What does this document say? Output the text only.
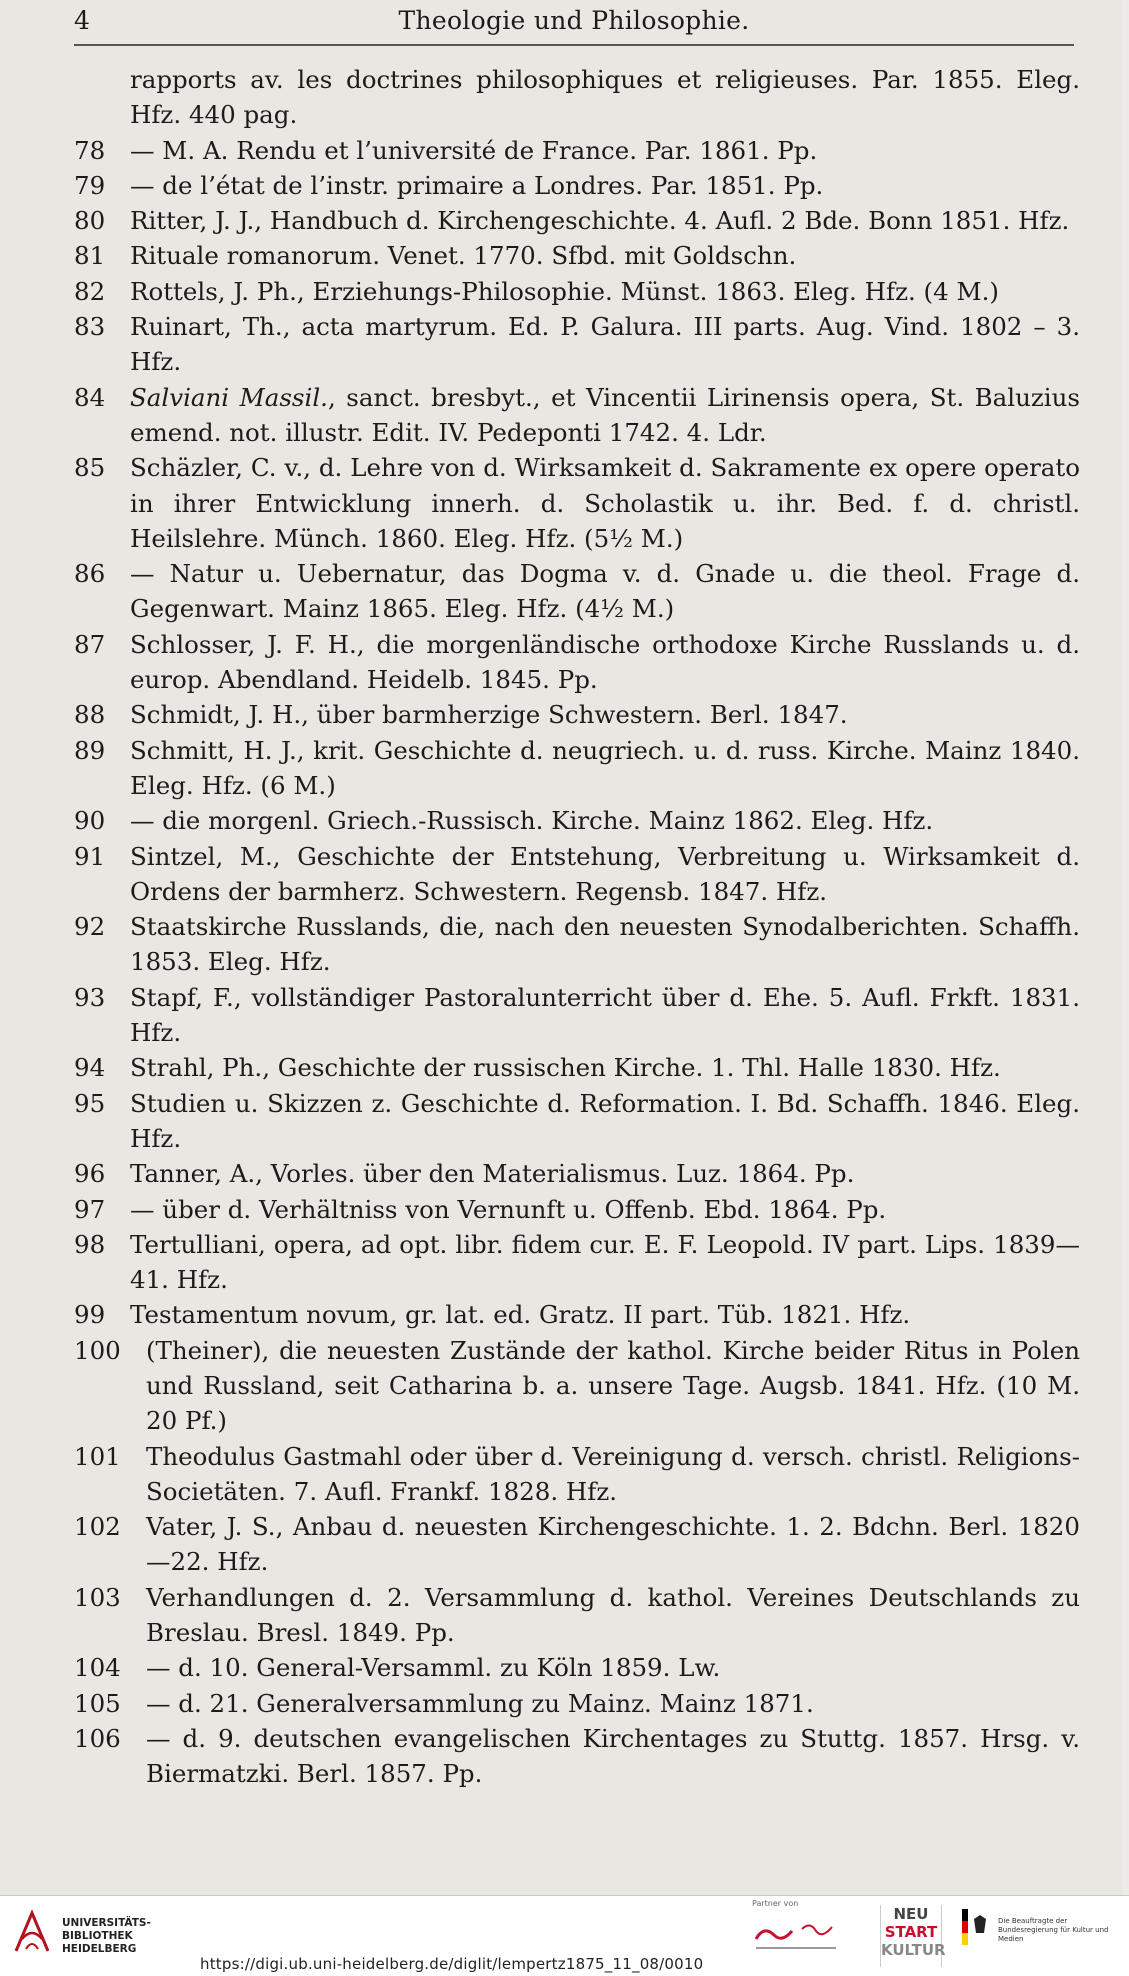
4	Theologie und Philosophie.
rapports av. les doctrines philosophiques et religieuses. Par. 1855. Eleg. Hfz. 440 pag.
78 — M. A. Rendu et l’université de France. Par. 1861. Pp.
79 — de l’état de l’instr. primaire a Londres. Par. 1851. Pp.
80 Ritter, J. J., Handbuch d. Kirchengeschichte. 4. Aufl. 2 Bde. Bonn 1851. Hfz.
81 Rituale romanorum. Venet. 1770. Sfbd. mit Goldschn.
82 Rottels, J. Ph., Erziehungs-Philosophie. Münst. 1863. Eleg. Hfz. (4 M.)
83 Ruinart, Th., acta martyrum. Ed. P. Galura. III parts. Aug. Vind. 1802 – 3. Hfz.
84 Salviani Massil., sanct. bresbyt., et Vincentii Lirinensis opera, St. Baluzius emend. not. illustr. Edit. IV. Pedeponti 1742. 4. Ldr.
85 Schäzler, C. v., d. Lehre von d. Wirksamkeit d. Sakramente ex opere operato in ihrer Entwicklung innerh. d. Scholastik u. ihr. Bed. f. d. christl. Heilslehre. Münch. 1860. Eleg. Hfz. (5½ M.)
86 — Natur u. Uebernatur, das Dogma v. d. Gnade u. die theol. Frage d. Gegenwart. Mainz 1865. Eleg. Hfz. (4½ M.)
87 Schlosser, J. F. H., die morgenländische orthodoxe Kirche Russlands u. d. europ. Abendland. Heidelb. 1845. Pp.
88 Schmidt, J. H., über barmherzige Schwestern. Berl. 1847.
89 Schmitt, H. J., krit. Geschichte d. neugriech. u. d. russ. Kirche. Mainz 1840. Eleg. Hfz. (6 M.)
90 — die morgenl. Griech.-Russisch. Kirche. Mainz 1862. Eleg. Hfz.
91 Sintzel, M., Geschichte der Entstehung, Verbreitung u. Wirksamkeit d. Ordens der barmherz. Schwestern. Regensb. 1847. Hfz.
92 Staatskirche Russlands, die, nach den neuesten Synodalberichten. Schaffh. 1853. Eleg. Hfz.
93 Stapf, F., vollständiger Pastoralunterricht über d. Ehe. 5. Aufl. Frkft. 1831. Hfz.
94 Strahl, Ph., Geschichte der russischen Kirche. 1. Thl. Halle 1830. Hfz.
95 Studien u. Skizzen z. Geschichte d. Reformation. I. Bd. Schaffh. 1846. Eleg. Hfz.
96 Tanner, A., Vorles. über den Materialismus. Luz. 1864. Pp.
97 — über d. Verhältniss von Vernunft u. Offenb. Ebd. 1864. Pp.
98 Tertulliani, opera, ad opt. libr. fidem cur. E. F. Leopold. IV part. Lips. 1839—41. Hfz.
99 Testamentum novum, gr. lat. ed. Gratz. II part. Tüb. 1821. Hfz.
100 (Theiner), die neuesten Zustände der kathol. Kirche beider Ritus in Polen und Russland, seit Catharina b. a. unsere Tage. Augsb. 1841. Hfz. (10 M. 20 Pf.)
101 Theodulus Gastmahl oder über d. Vereinigung d. versch. christl. Religions-Societäten. 7. Aufl. Frankf. 1828. Hfz.
102 Vater, J. S., Anbau d. neuesten Kirchengeschichte. 1. 2. Bdchn. Berl. 1820—22. Hfz.
103 Verhandlungen d. 2. Versammlung d. kathol. Vereines Deutschlands zu Breslau. Bresl. 1849. Pp.
104 — d. 10. General-Versamml. zu Köln 1859. Lw.
105 — d. 21. Generalversammlung zu Mainz. Mainz 1871.
106 — d. 9. deutschen evangelischen Kirchentages zu Stuttg. 1857. Hrsg. v. Biermatzki. Berl. 1857. Pp.
UNIVERSITÄTS-
BIBLIOTHEK
HEIDELBERG
Partner von
NEU
START
KULTUR
Die Beauftragte der Bundesregierung für Kultur und Medien
https://digi.ub.uni-heidelberg.de/diglit/lempertz1875_11_08/0010
